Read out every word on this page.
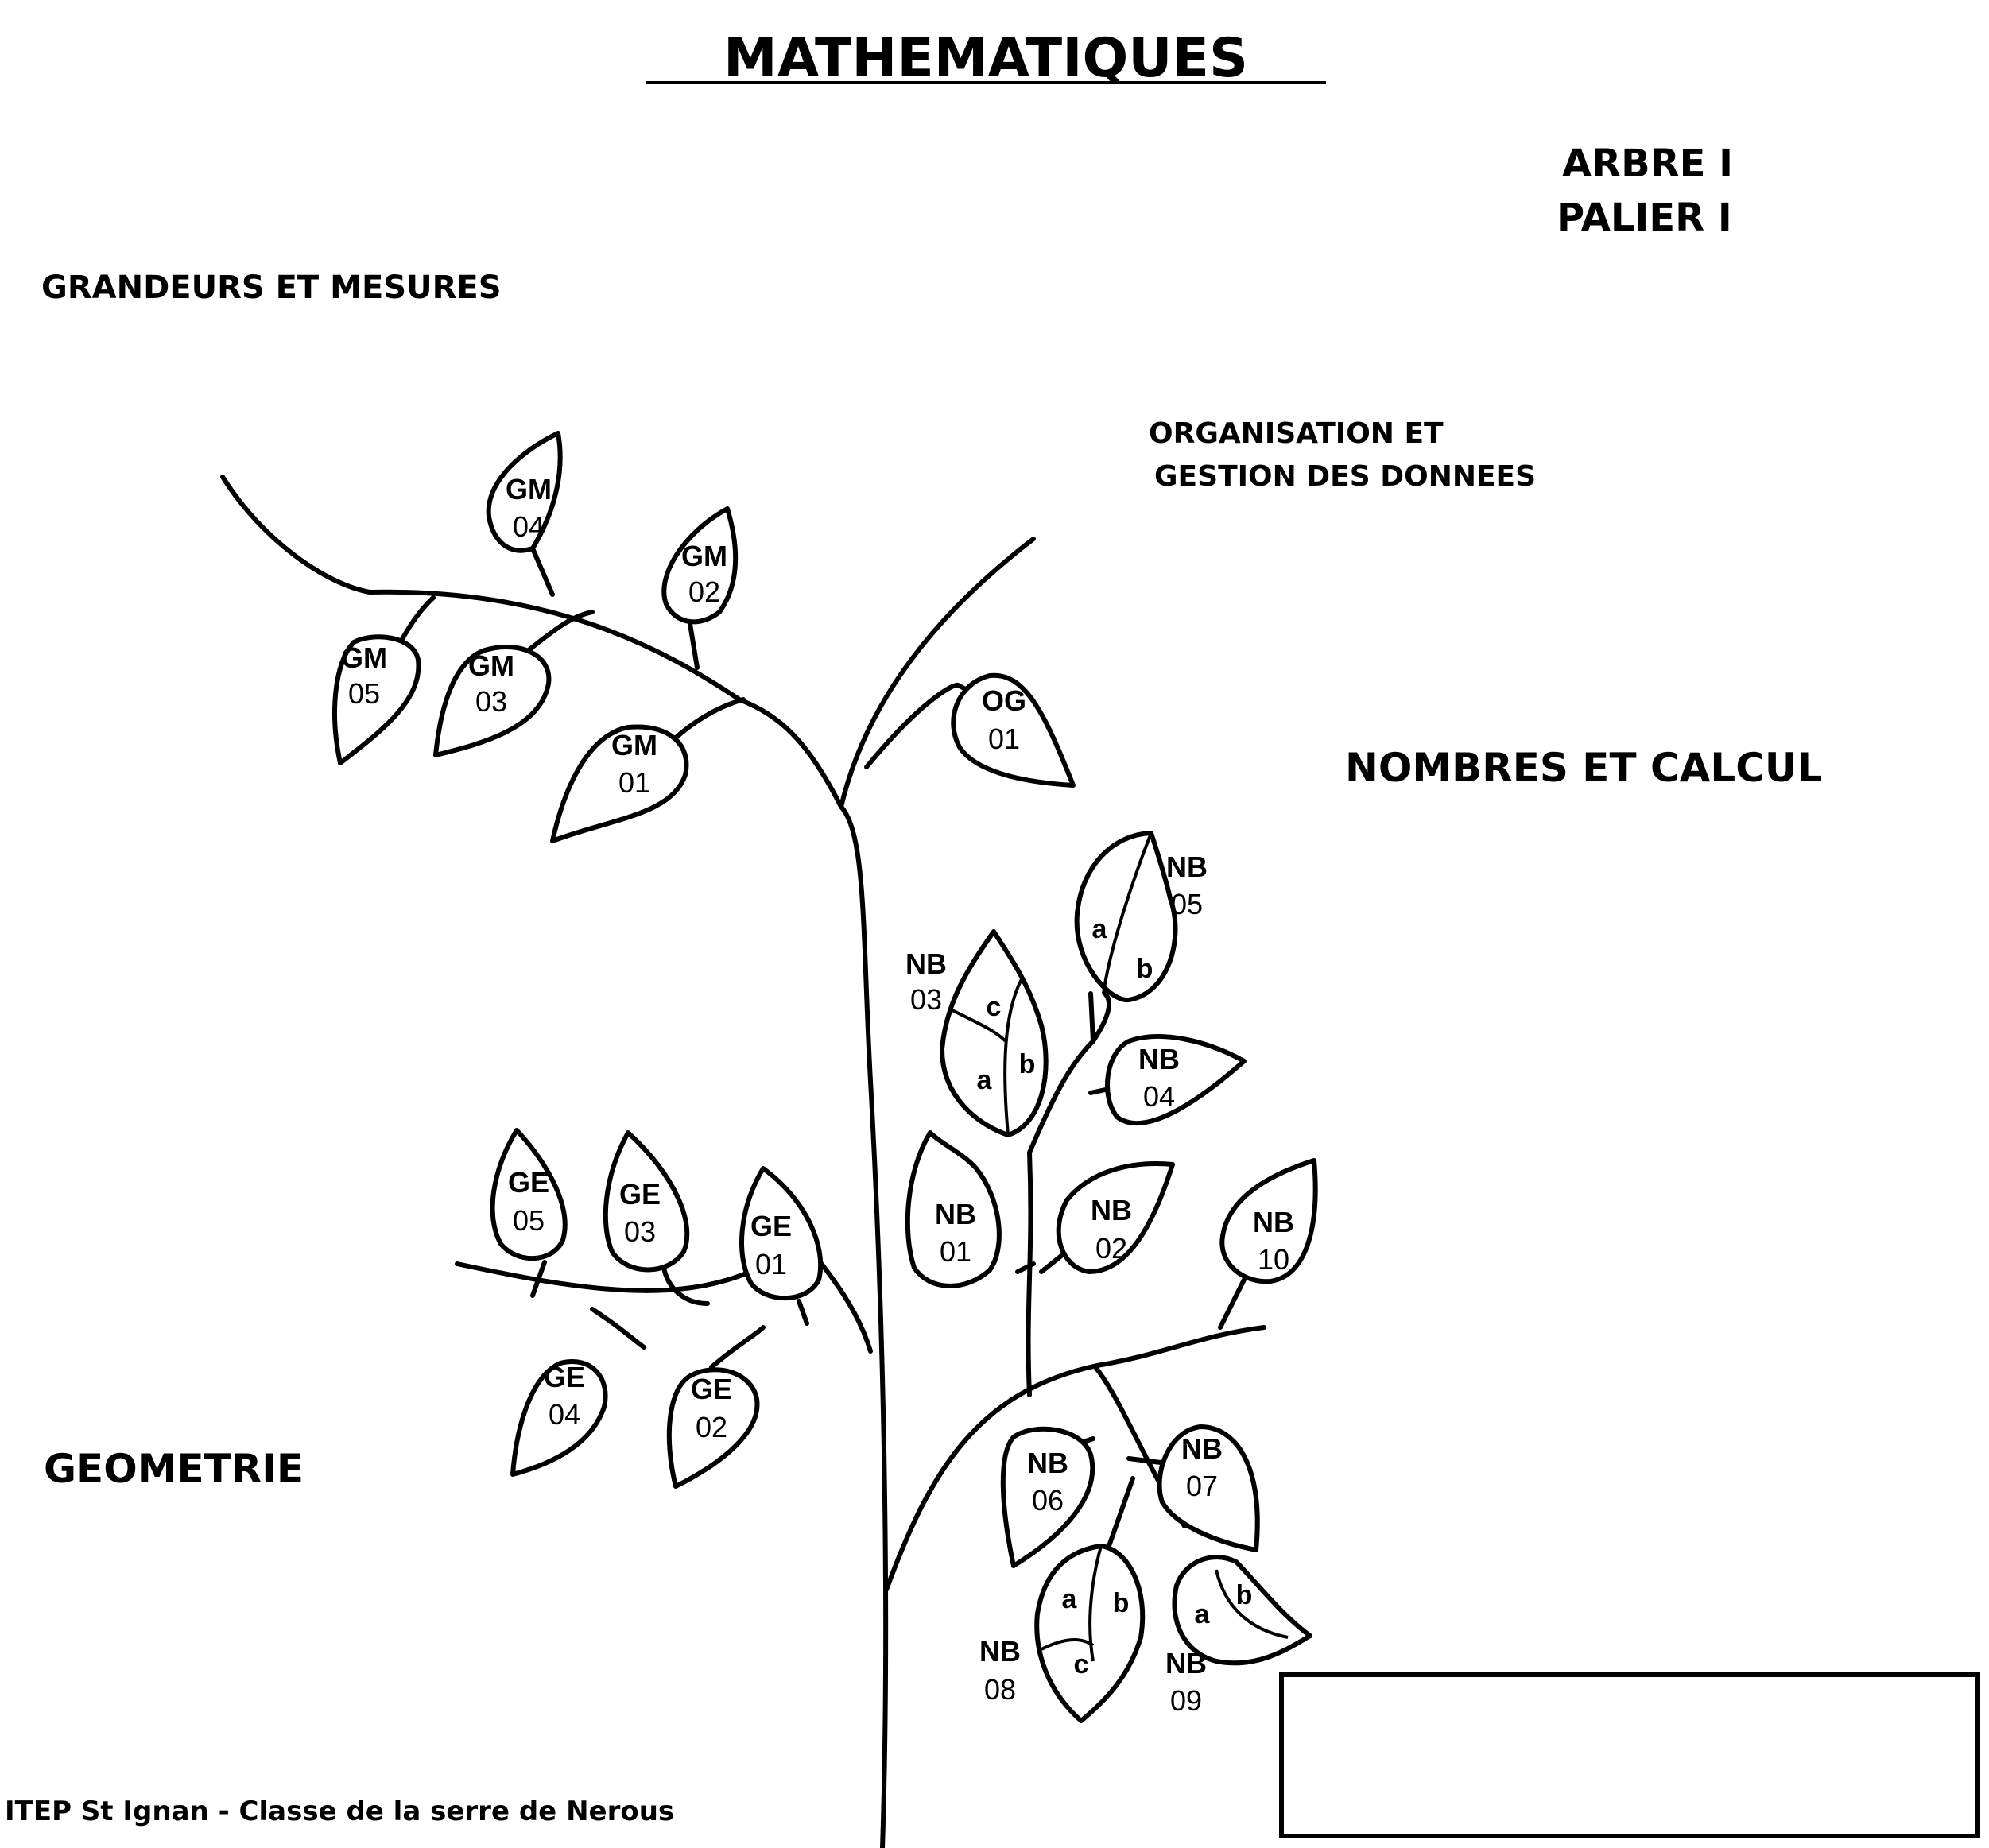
MATHEMATIQUES
ARBRE I
PALIER I
GRANDEURS ET MESURES
ORGANISATION ET
GESTION DES DONNEES
NOMBRES ET CALCUL
GEOMETRIE
ITEP St Ignan - Classe de la serre de Nerous
GM
04
GM
02
GM
05
GM
03
GM
01
OG
01
a
b
NB
05
c
a
b
NB
03
NB
04
NB
01
NB
02
NB
10
NB
06
NB
07
a b
c
NB
08
a
b
NB
09
GE
05
GE
03	GE
01
GE
04
GE
02
